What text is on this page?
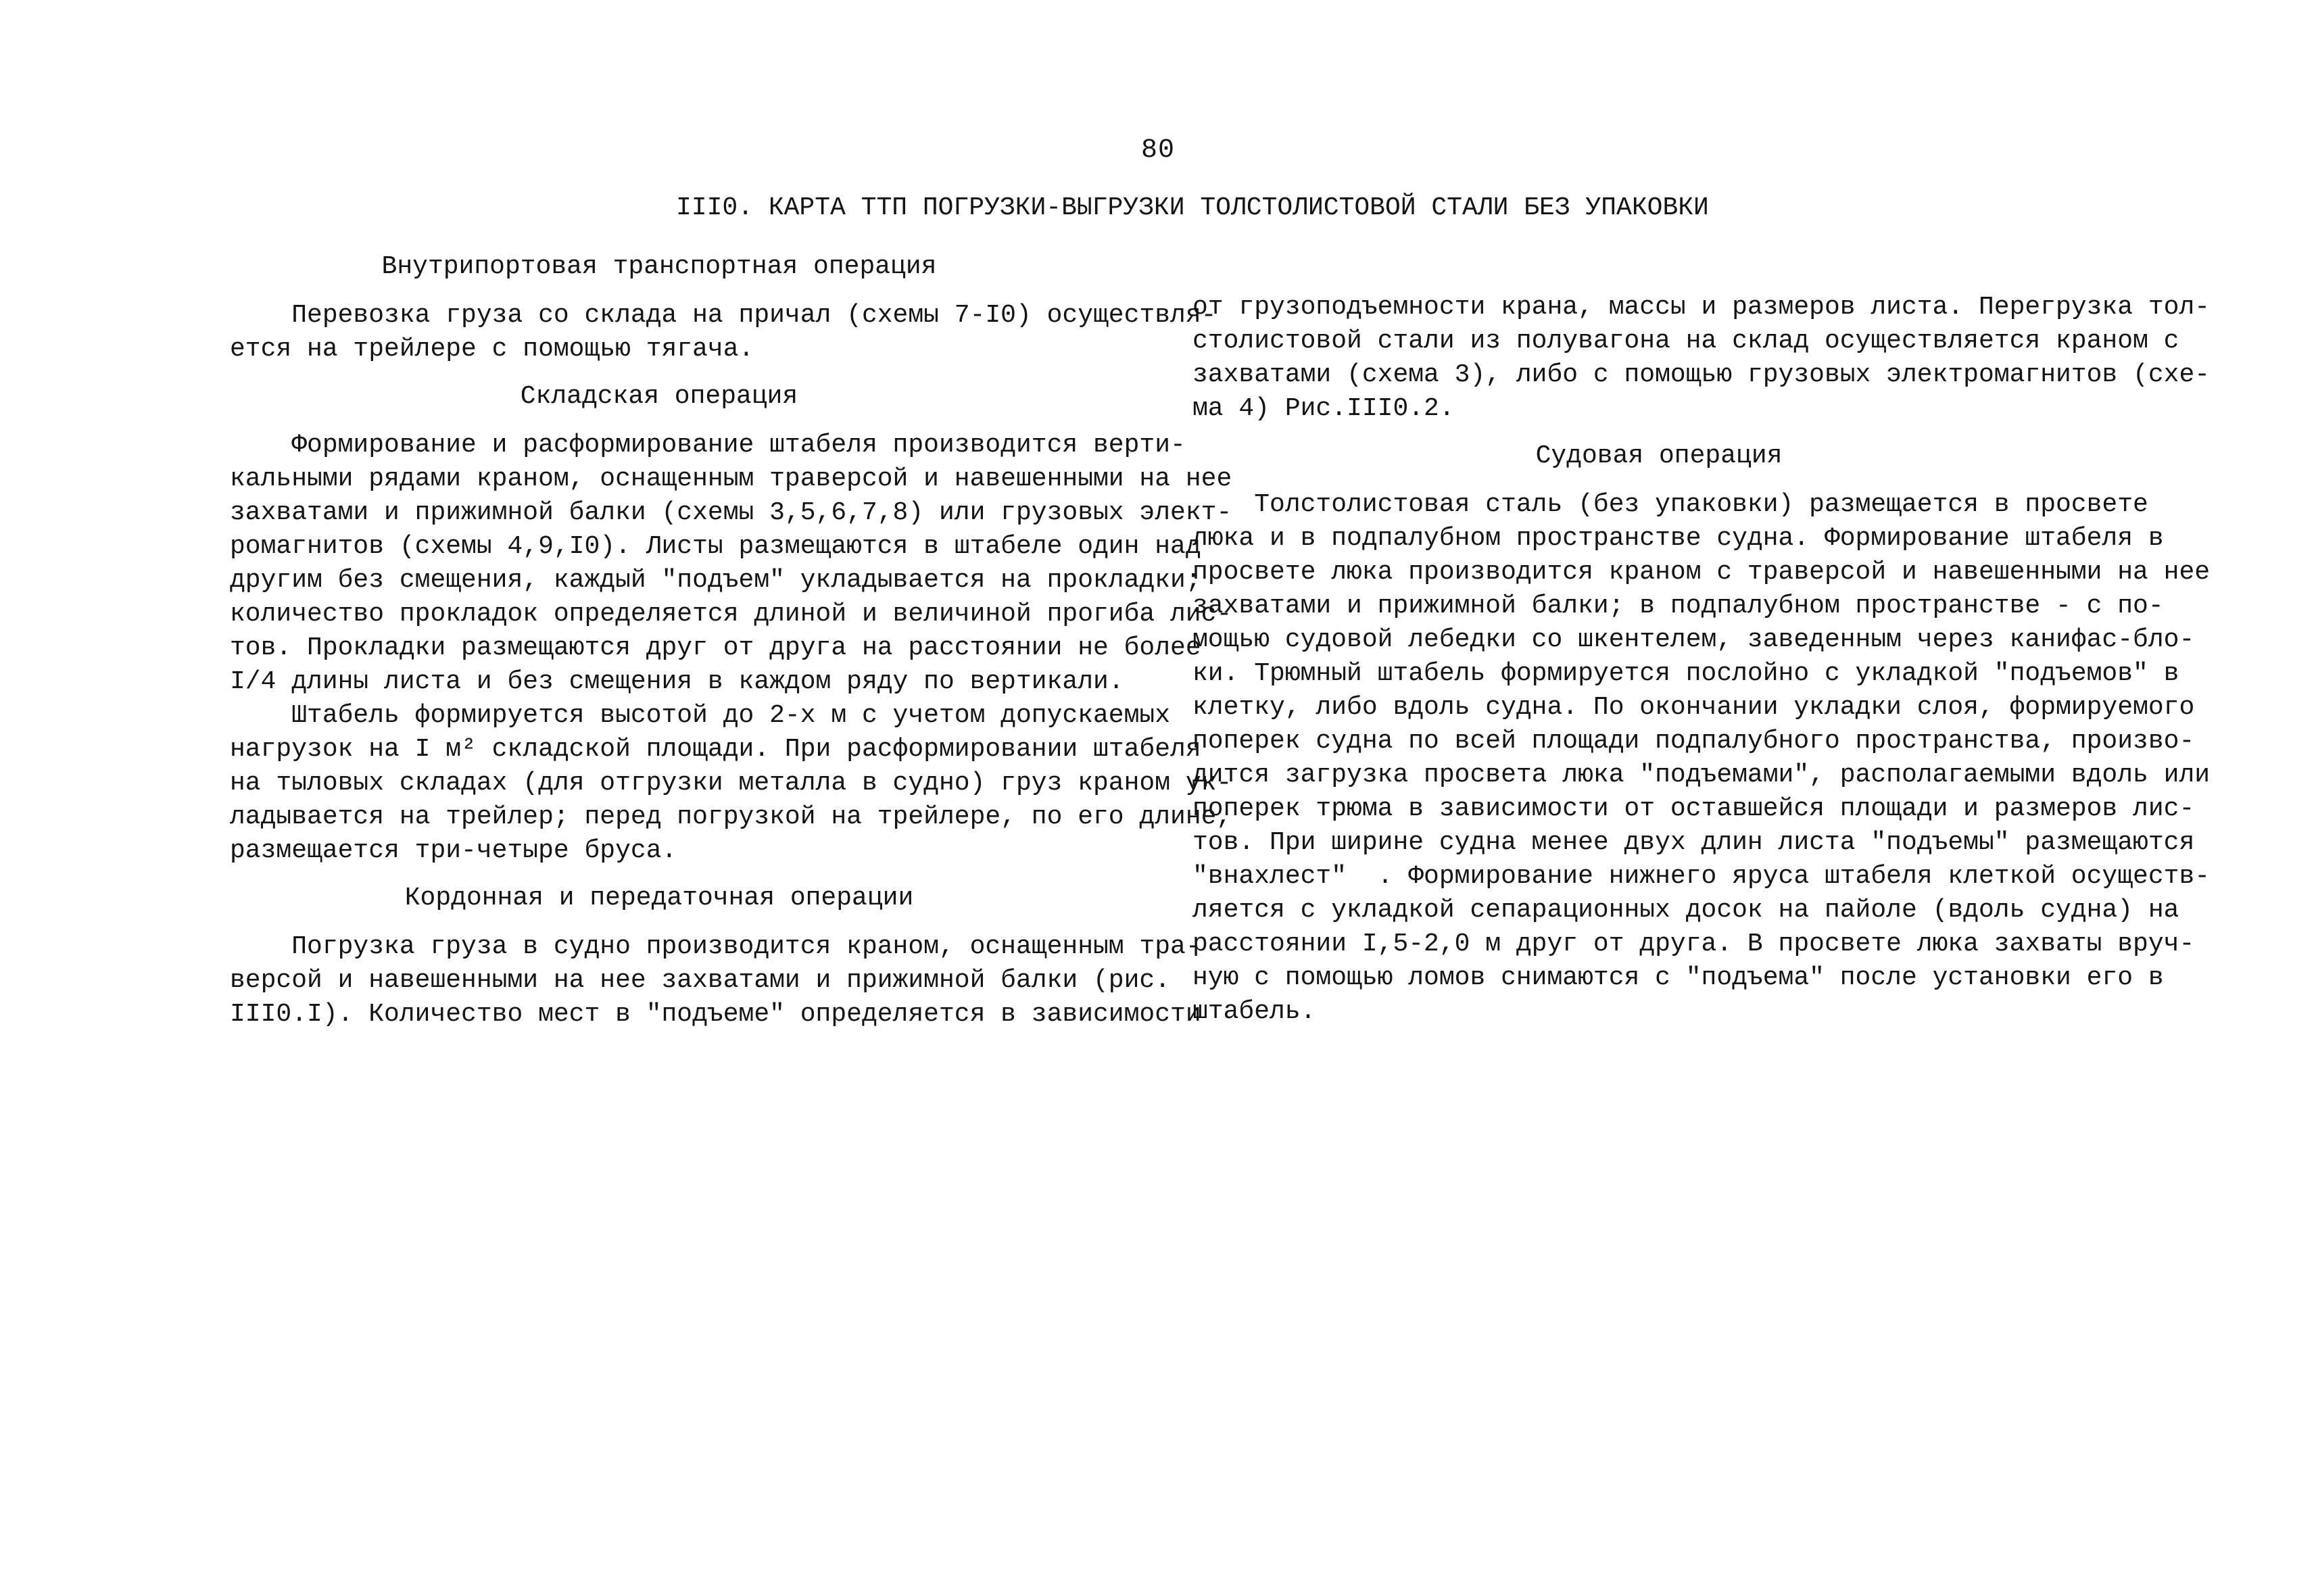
80
III0. КАРТА ТТП ПОГРУЗКИ-ВЫГРУЗКИ ТОЛСТОЛИСТОВОЙ СТАЛИ БЕЗ УПАКОВКИ
Внутрипортовая транспортная операция
Перевозка груза со склада на причал (схемы 7-I0) осуществля-
ется на трейлере с помощью тягача.
Складская операция
Формирование и расформирование штабеля производится верти-
кальными рядами краном, оснащенным траверсой и навешенными на нее
захватами и прижимной балки (схемы 3,5,6,7,8) или грузовых элект-
ромагнитов (схемы 4,9,I0). Листы размещаются в штабеле один над
другим без смещения, каждый "подъем" укладывается на прокладки;
количество прокладок определяется длиной и величиной прогиба лис-
тов. Прокладки размещаются друг от друга на расстоянии не более
I/4 длины листа и без смещения в каждом ряду по вертикали.
Штабель формируется высотой до 2-х м с учетом допускаемых
нагрузок на I м² складской площади. При расформировании штабеля
на тыловых складах (для отгрузки металла в судно) груз краном ук-
ладывается на трейлер; перед погрузкой на трейлере, по его длине,
размещается три-четыре бруса.
Кордонная и передаточная операции
Погрузка груза в судно производится краном, оснащенным тра-
версой и навешенными на нее захватами и прижимной балки (рис.
III0.I). Количество мест в "подъеме" определяется в зависимости
от грузоподъемности крана, массы и размеров листа. Перегрузка тол-
столистовой стали из полувагона на склад осуществляется краном с
захватами (схема 3), либо с помощью грузовых электромагнитов (схе-
ма 4) Рис.III0.2.
Судовая операция
Толстолистовая сталь (без упаковки) размещается в просвете
люка и в подпалубном пространстве судна. Формирование штабеля в
просвете люка производится краном с траверсой и навешенными на нее
захватами и прижимной балки; в подпалубном пространстве - с по-
мощью судовой лебедки со шкентелем, заведенным через канифас-бло-
ки. Трюмный штабель формируется послойно с укладкой "подъемов" в
клетку, либо вдоль судна. По окончании укладки слоя, формируемого
поперек судна по всей площади подпалубного пространства, произво-
дится загрузка просвета люка "подъемами", располагаемыми вдоль или
поперек трюма в зависимости от оставшейся площади и размеров лис-
тов. При ширине судна менее двух длин листа "подъемы" размещаются
"внахлест"  . Формирование нижнего яруса штабеля клеткой осуществ-
ляется с укладкой сепарационных досок на пайоле (вдоль судна) на
расстоянии I,5-2,0 м друг от друга. В просвете люка захваты вруч-
ную с помощью ломов снимаются с "подъема" после установки его в
штабель.
